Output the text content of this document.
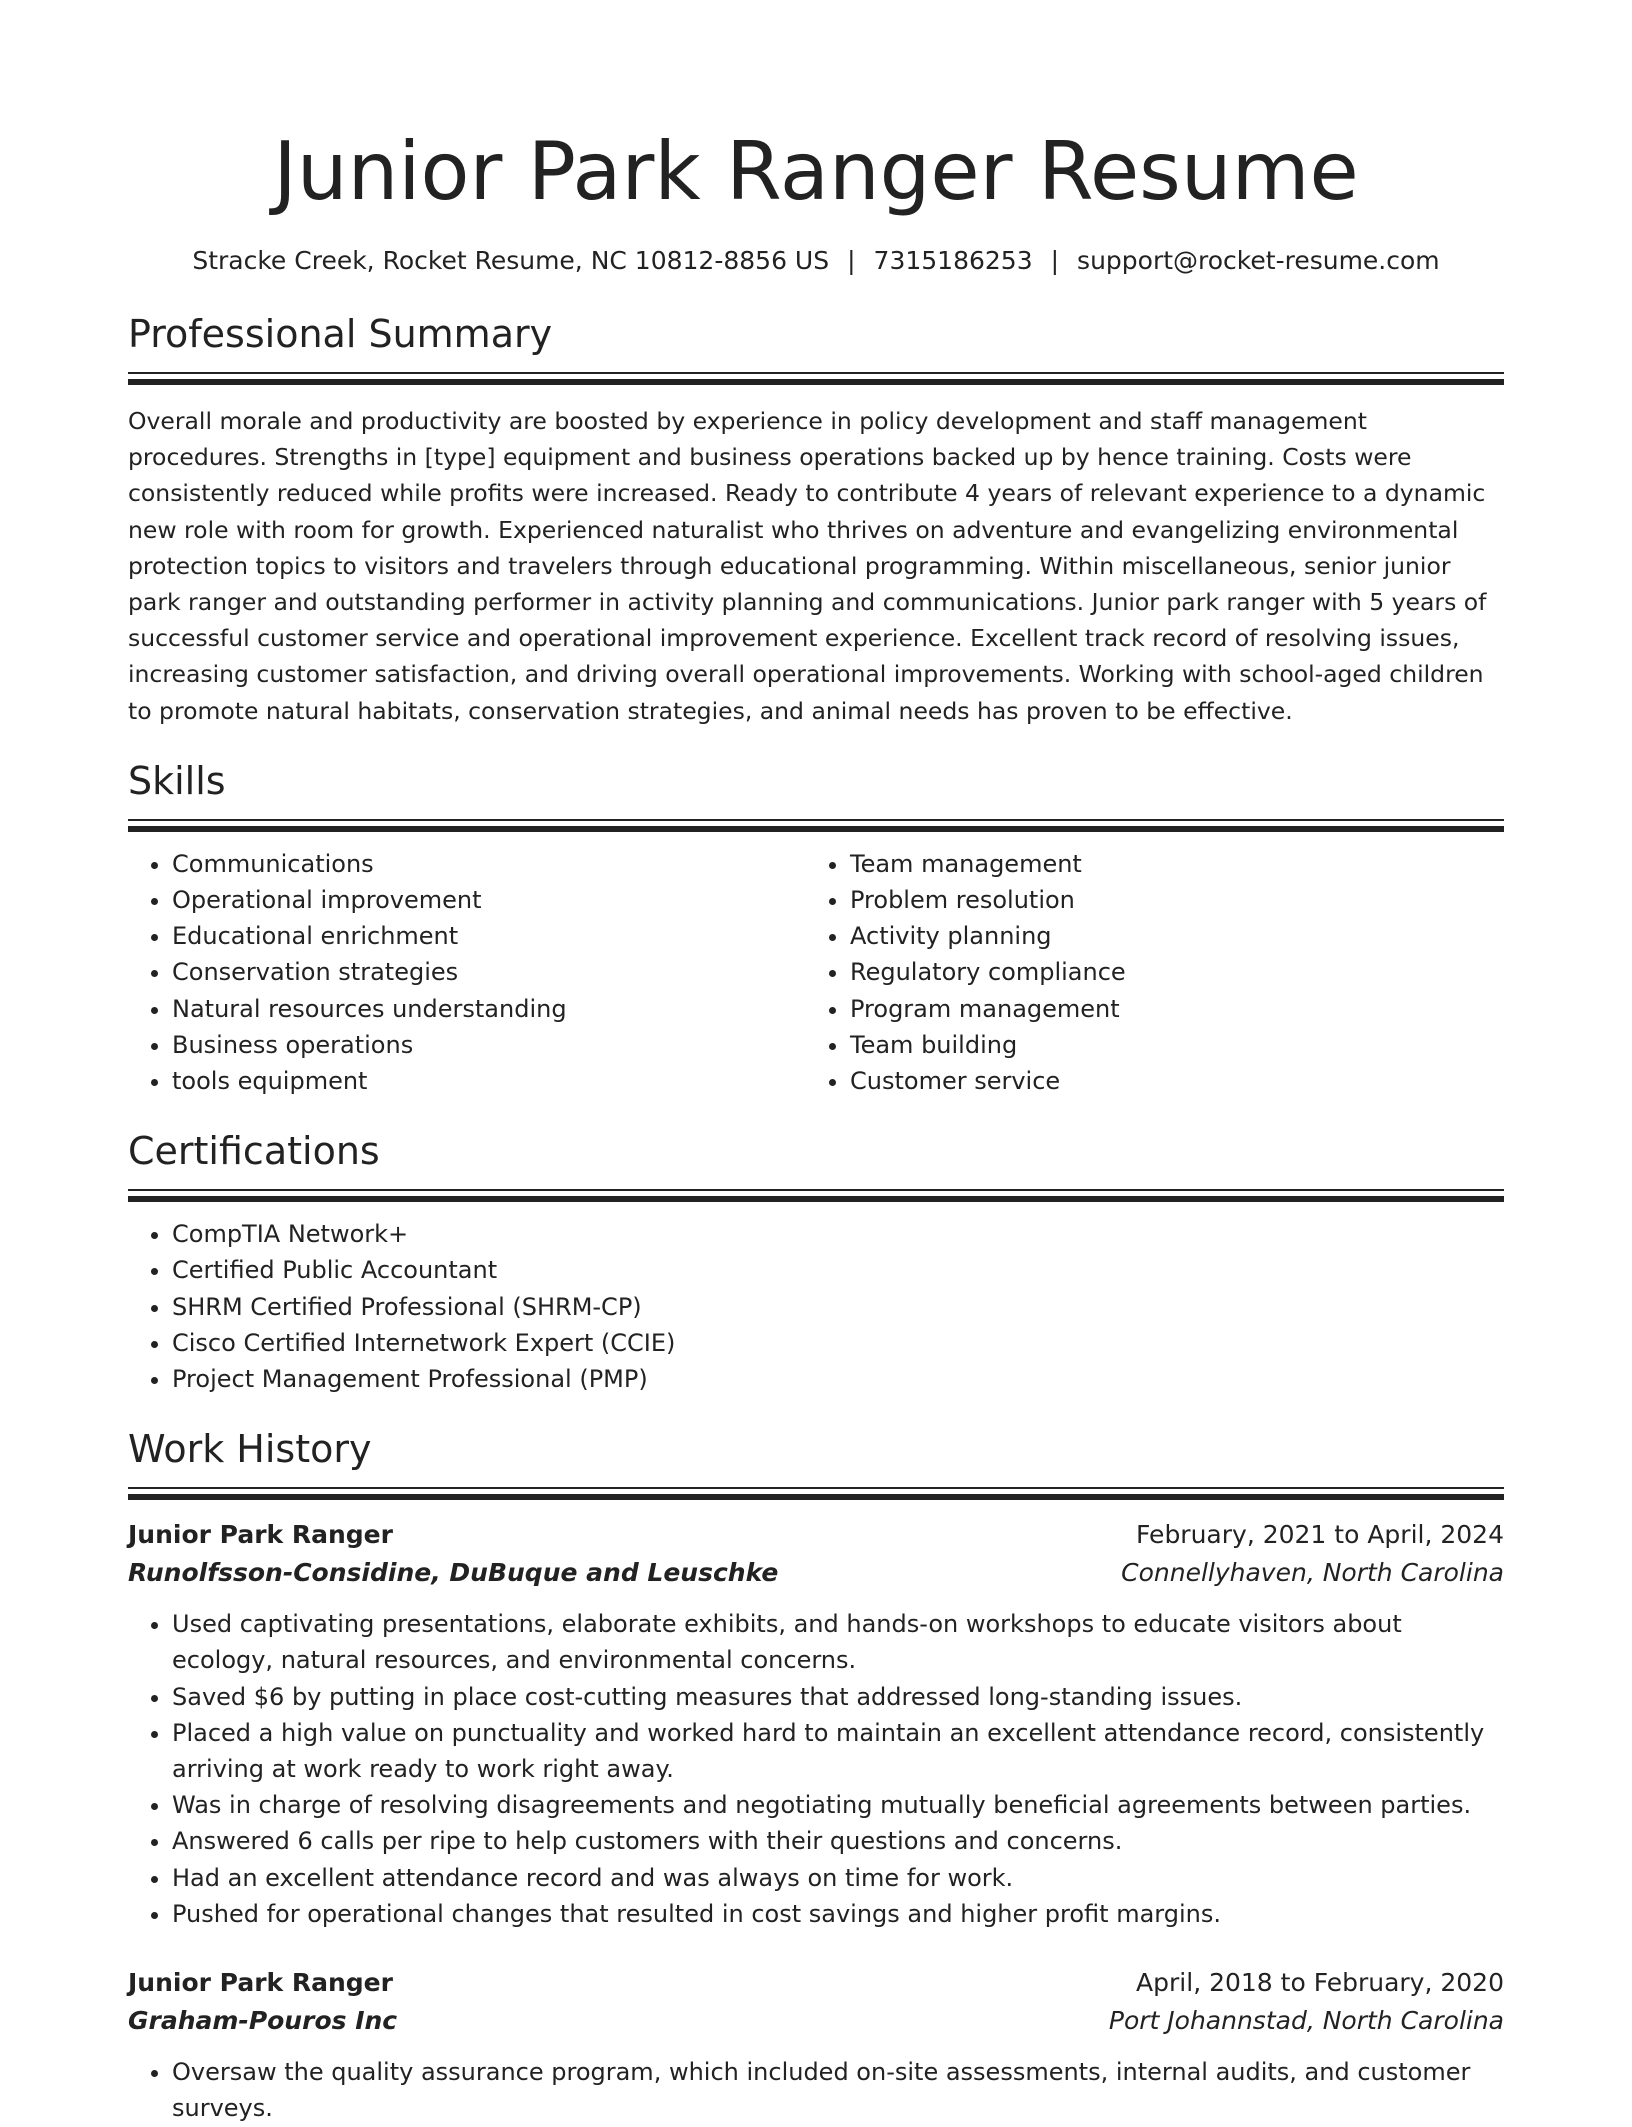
Junior Park Ranger Resume
Stracke Creek, Rocket Resume, NC 10812-8856 US | 7315186253 | support@rocket-resume.com
Professional Summary

Overall morale and productivity are boosted by experience in policy development and staff management procedures. Strengths in [type] equipment and business operations backed up by hence training. Costs were consistently reduced while profits were increased. Ready to contribute 4 years of relevant experience to a dynamic new role with room for growth. Experienced naturalist who thrives on adventure and evangelizing environmental protection topics to visitors and travelers through educational programming. Within miscellaneous, senior junior park ranger and outstanding performer in activity planning and communications. Junior park ranger with 5 years of successful customer service and operational improvement experience. Excellent track record of resolving issues, increasing customer satisfaction, and driving overall operational improvements. Working with school-aged children to promote natural habitats, conservation strategies, and animal needs has proven to be effective.

Skills
• Communications
• Operational improvement
• Educational enrichment
• Conservation strategies
• Natural resources understanding
• Business operations
• tools equipment
• Team management
• Problem resolution
• Activity planning
• Regulatory compliance
• Program management
• Team building
• Customer service
Certifications
• CompTIA Network+
• Certified Public Accountant
• SHRM Certified Professional (SHRM-CP)
• Cisco Certified Internetwork Expert (CCIE)
• Project Management Professional (PMP)
Work History
Junior Park Ranger	February, 2021 to April, 2024
Runolfsson-Considine, DuBuque and Leuschke	Connellyhaven, North Carolina
• Used captivating presentations, elaborate exhibits, and hands-on workshops to educate visitors about ecology, natural resources, and environmental concerns.
• Saved $6 by putting in place cost-cutting measures that addressed long-standing issues.
• Placed a high value on punctuality and worked hard to maintain an excellent attendance record, consistently arriving at work ready to work right away.
• Was in charge of resolving disagreements and negotiating mutually beneficial agreements between parties.
• Answered 6 calls per ripe to help customers with their questions and concerns.
• Had an excellent attendance record and was always on time for work.
• Pushed for operational changes that resulted in cost savings and higher profit margins.
Junior Park Ranger	April, 2018 to February, 2020
Graham-Pouros Inc	Port Johannstad, North Carolina
• Oversaw the quality assurance program, which included on-site assessments, internal audits, and customer surveys.
